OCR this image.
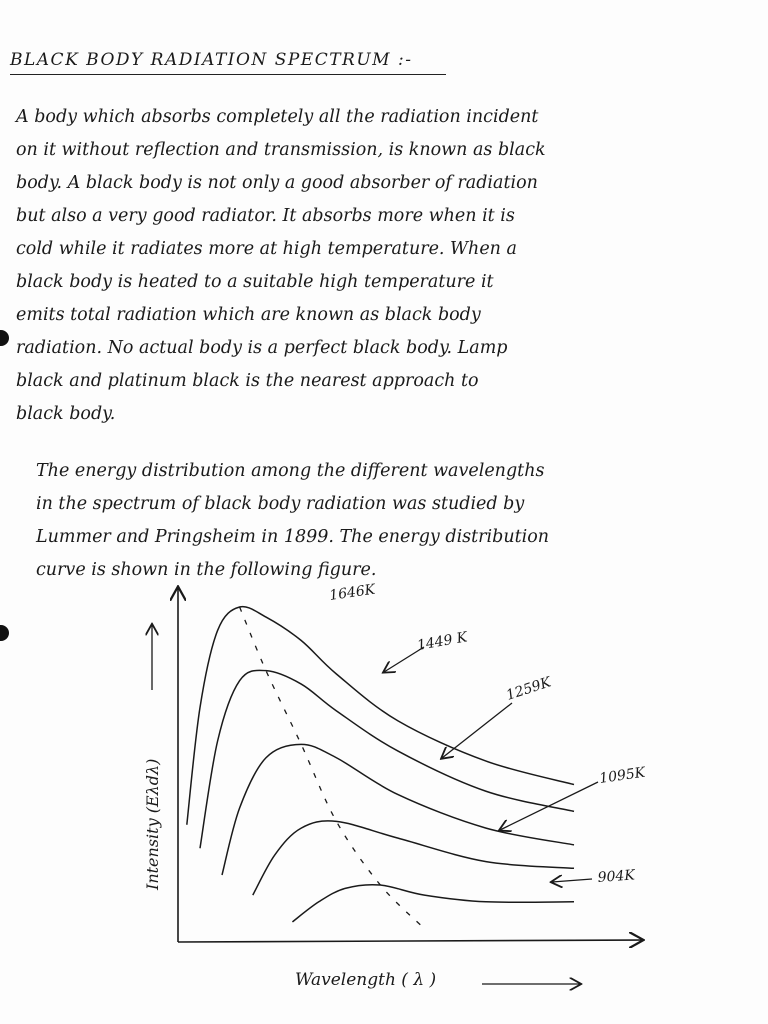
BLACK BODY RADIATION SPECTRUM :-
A body which absorbs completely all the radiation incident
on it without reflection and transmission, is known as black
body. A black body is not only a good absorber of radiation
but also a very good radiator. It absorbs more when it is
cold while it radiates more at high temperature. When a
black body is heated to a suitable high temperature it
emits total radiation which are known as black body
radiation. No actual body is a perfect black body. Lamp
black and platinum black is the nearest approach to
black body.
The energy distribution among the different wavelengths
in the spectrum of black body radiation was studied by
Lummer and Pringsheim in 1899. The energy distribution
curve is shown in the following figure.
Wavelength ( λ )
Intensity (Eλdλ)
1646K
1449 K
1259K
1095K
904K
